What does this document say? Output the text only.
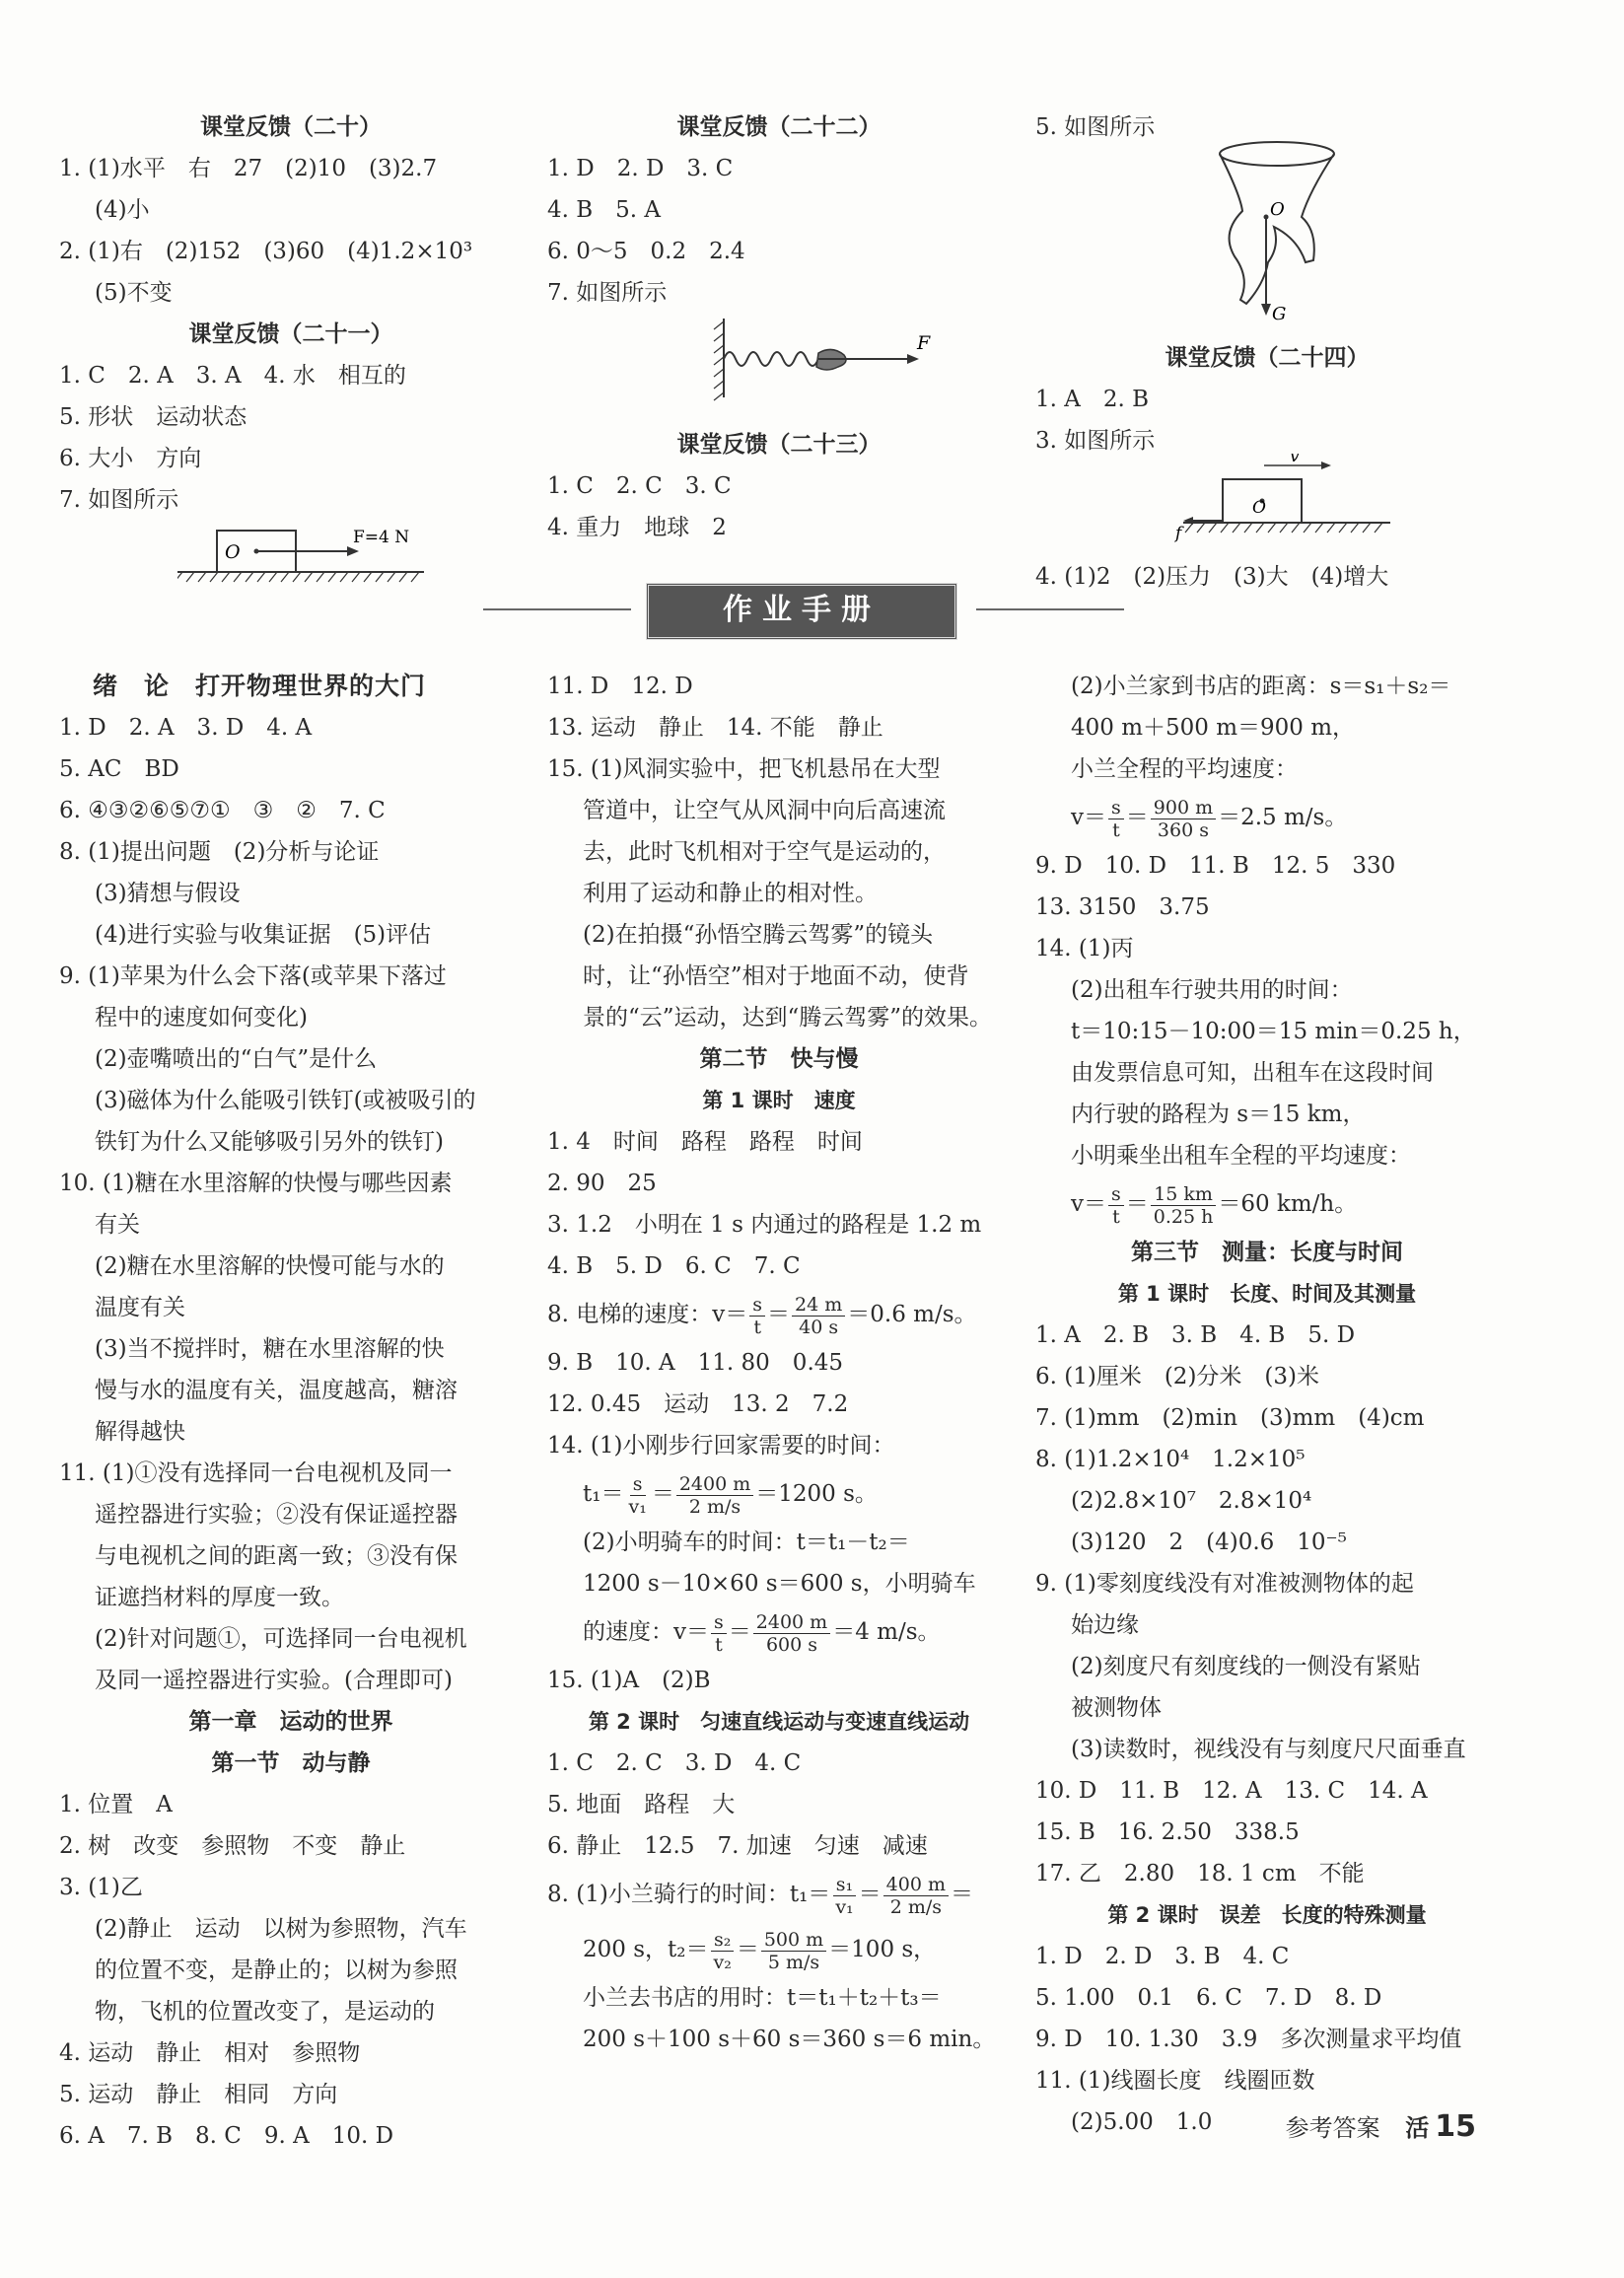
课堂反馈（二十）
1. (1)水平　右　27　(2)10　(3)2.7
(4)小
2. (1)右　(2)152　(3)60　(4)1.2×10³
(5)不变
课堂反馈（二十一）
1. C　2. A　3. A　4. 水　相互的
5. 形状　运动状态
6. 大小　方向
7. 如图所示
O
F=4 N
课堂反馈（二十二）
1. D　2. D　3. C
4. B　5. A
6. 0～5　0.2　2.4
7. 如图所示
F
课堂反馈（二十三）
1. C　2. C　3. C
4. 重力　地球　2
5. 如图所示
O
G
课堂反馈（二十四）
1. A　2. B
3. 如图所示
v
f
O
4. (1)2　(2)压力　(3)大　(4)增大
作业手册
绪　论　打开物理世界的大门
1. D　2. A　3. D　4. A
5. AC　BD
6. ④③②⑥⑤⑦①　③　②　7. C
8. (1)提出问题　(2)分析与论证
(3)猜想与假设
(4)进行实验与收集证据　(5)评估
9. (1)苹果为什么会下落(或苹果下落过
程中的速度如何变化)
(2)壶嘴喷出的“白气”是什么
(3)磁体为什么能吸引铁钉(或被吸引的
铁钉为什么又能够吸引另外的铁钉)
10. (1)糖在水里溶解的快慢与哪些因素
有关
(2)糖在水里溶解的快慢可能与水的
温度有关
(3)当不搅拌时，糖在水里溶解的快
慢与水的温度有关，温度越高，糖溶
解得越快
11. (1)①没有选择同一台电视机及同一
遥控器进行实验；②没有保证遥控器
与电视机之间的距离一致；③没有保
证遮挡材料的厚度一致。
(2)针对问题①，可选择同一台电视机
及同一遥控器进行实验。(合理即可)
第一章　运动的世界
第一节　动与静
1. 位置　A
2. 树　改变　参照物　不变　静止
3. (1)乙
(2)静止　运动　以树为参照物，汽车
的位置不变，是静止的；以树为参照
物，飞机的位置改变了，是运动的
4. 运动　静止　相对　参照物
5. 运动　静止　相同　方向
6. A　7. B　8. C　9. A　10. D
11. D　12. D
13. 运动　静止　14. 不能　静止
15. (1)风洞实验中，把飞机悬吊在大型
管道中，让空气从风洞中向后高速流
去，此时飞机相对于空气是运动的，
利用了运动和静止的相对性。
(2)在拍摄“孙悟空腾云驾雾”的镜头
时，让“孙悟空”相对于地面不动，使背
景的“云”运动，达到“腾云驾雾”的效果。
第二节　快与慢
第 1 课时　速度
1. 4　时间　路程　路程　时间
2. 90　25
3. 1.2　小明在 1 s 内通过的路程是 1.2 m
4. B　5. D　6. C　7. C
8. 电梯的速度：$v= \frac{s}{t} = \frac{24 m}{40 s} =0.6$ m/s。
9. B　10. A　11. 80　0.45
12. 0.45　运动　13. 2　7.2
14. (1)小刚步行回家需要的时间：
$t_1= \frac{s}{\text{v₁}} = \frac{2400 m}{2 m/s} =1200$ s。
(2)小明骑车的时间：t＝t₁－t₂＝
1200 s－10×60 s＝600 s，小明骑车
的速度：$v= \frac{s}{t} = \frac{2400 m}{600 s} =4$ m/s。
15. (1)A　(2)B
第 2 课时　匀速直线运动与变速直线运动
1. C　2. C　3. D　4. C
5. 地面　路程　大
6. 静止　12.5　7. 加速　匀速　减速
8. (1)小兰骑行的时间：$t_1= \frac{\text{s₁}}{\text{v₁}} = \frac{400 m}{2 m/s}$ ＝
200 s，$t_2= \frac{\text{s₂}}{\text{v₂}} = \frac{500 m}{5 m/s} =100$ s，
小兰去书店的用时：t＝t₁＋t₂＋t₃＝
200 s＋100 s＋60 s＝360 s＝6 min。
(2)小兰家到书店的距离：s＝s₁＋s₂＝
400 m＋500 m＝900 m，
小兰全程的平均速度：
$v= \frac{s}{t} = \frac{900 m}{360 s} =2.5$ m/s。
9. D　10. D　11. B　12. 5　330
13. 3150　3.75
14. (1)丙
(2)出租车行驶共用的时间：
t＝10:15－10:00＝15 min＝0.25 h，
由发票信息可知，出租车在这段时间
内行驶的路程为 s＝15 km，
小明乘坐出租车全程的平均速度：
$v= \frac{s}{t} = \frac{15 km}{0.25 h} =60$ km/h。
第三节　测量：长度与时间
第 1 课时　长度、时间及其测量
1. A　2. B　3. B　4. B　5. D
6. (1)厘米　(2)分米　(3)米
7. (1)mm　(2)min　(3)mm　(4)cm
8. (1)1.2×10⁴　1.2×10⁵
(2)2.8×10⁷　2.8×10⁴
(3)120　2　(4)0.6　10⁻⁵
9. (1)零刻度线没有对准被测物体的起
始边缘
(2)刻度尺有刻度线的一侧没有紧贴
被测物体
(3)读数时，视线没有与刻度尺尺面垂直
10. D　11. B　12. A　13. C　14. A
15. B　16. 2.50　338.5
17. 乙　2.80　18. 1 cm　不能
第 2 课时　误差　长度的特殊测量
1. D　2. D　3. B　4. C
5. 1.00　0.1　6. C　7. D　8. D
9. D　10. 1.30　3.9　多次测量求平均值
11. (1)线圈长度　线圈匝数
(2)5.00　1.0	参考答案 活 15
